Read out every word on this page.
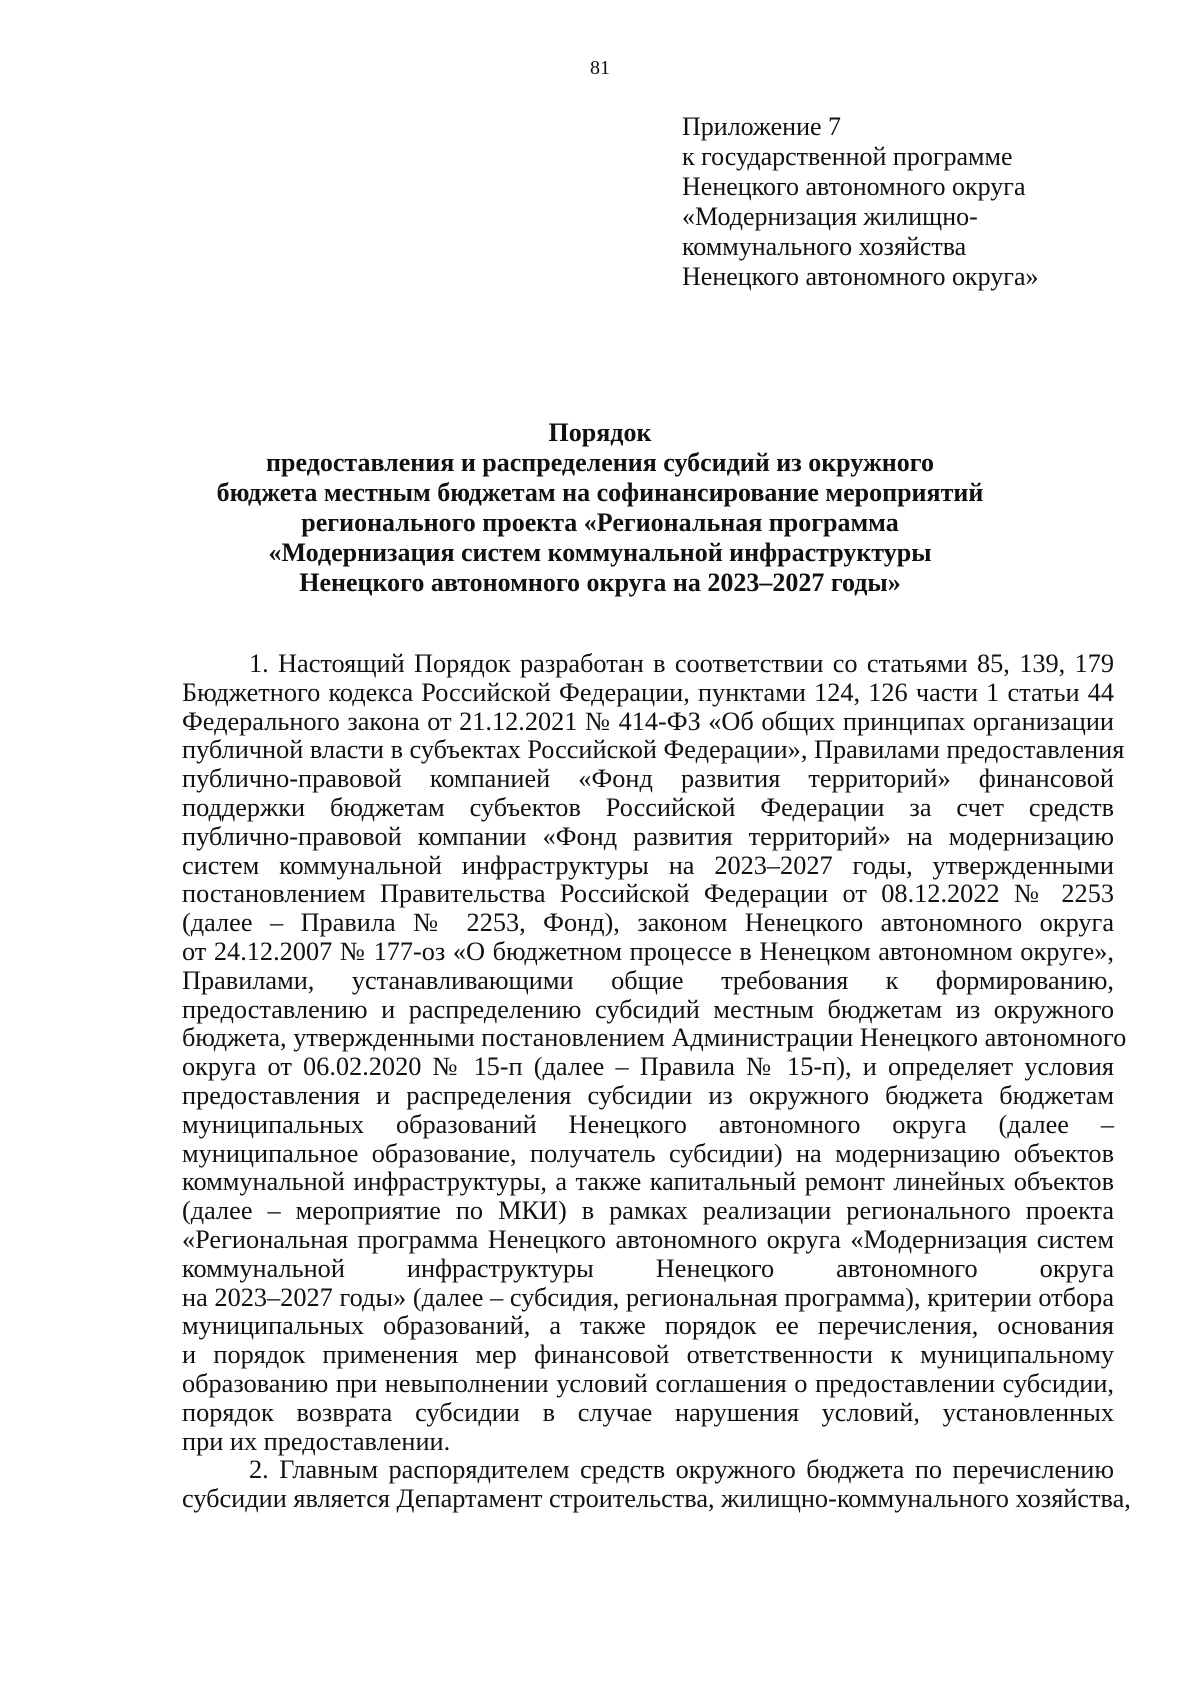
81
Приложение 7
к государственной программе
Ненецкого автономного округа
«Модернизация жилищно-
коммунального хозяйства
Ненецкого автономного округа»
Порядок
предоставления и распределения субсидий из окружного
бюджета местным бюджетам на софинансирование мероприятий
регионального проекта «Региональная программа
«Модернизация систем коммунальной инфраструктуры
Ненецкого автономного округа на 2023–2027 годы»
1. Настоящий Порядок разработан в соответствии со статьями 85, 139, 179
Бюджетного кодекса Российской Федерации, пунктами 124, 126 части 1 статьи 44
Федерального закона от 21.12.2021 № 414-ФЗ «Об общих принципах организации
публичной власти в субъектах Российской Федерации», Правилами предоставления
публично-правовой компанией «Фонд развития территорий» финансовой
поддержки бюджетам субъектов Российской Федерации за счет средств
публично-правовой компании «Фонд развития территорий» на модернизацию
систем коммунальной инфраструктуры на 2023–2027 годы, утвержденными
постановлением Правительства Российской Федерации от 08.12.2022 № 2253
(далее – Правила № 2253, Фонд), законом Ненецкого автономного округа
от 24.12.2007 № 177-оз «О бюджетном процессе в Ненецком автономном округе»,
Правилами, устанавливающими общие требования к формированию,
предоставлению и распределению субсидий местным бюджетам из окружного
бюджета, утвержденными постановлением Администрации Ненецкого автономного
округа от 06.02.2020 № 15-п (далее – Правила № 15-п), и определяет условия
предоставления и распределения субсидии из окружного бюджета бюджетам
муниципальных образований Ненецкого автономного округа (далее –
муниципальное образование, получатель субсидии) на модернизацию объектов
коммунальной инфраструктуры, а также капитальный ремонт линейных объектов
(далее – мероприятие по МКИ) в рамках реализации регионального проекта
«Региональная программа Ненецкого автономного округа «Модернизация систем
коммунальной инфраструктуры Ненецкого автономного округа
на 2023–2027 годы» (далее – субсидия, региональная программа), критерии отбора
муниципальных образований, а также порядок ее перечисления, основания
и порядок применения мер финансовой ответственности к муниципальному
образованию при невыполнении условий соглашения о предоставлении субсидии,
порядок возврата субсидии в случае нарушения условий, установленных
при их предоставлении.
2. Главным распорядителем средств окружного бюджета по перечислению
субсидии является Департамент строительства, жилищно-коммунального хозяйства,
